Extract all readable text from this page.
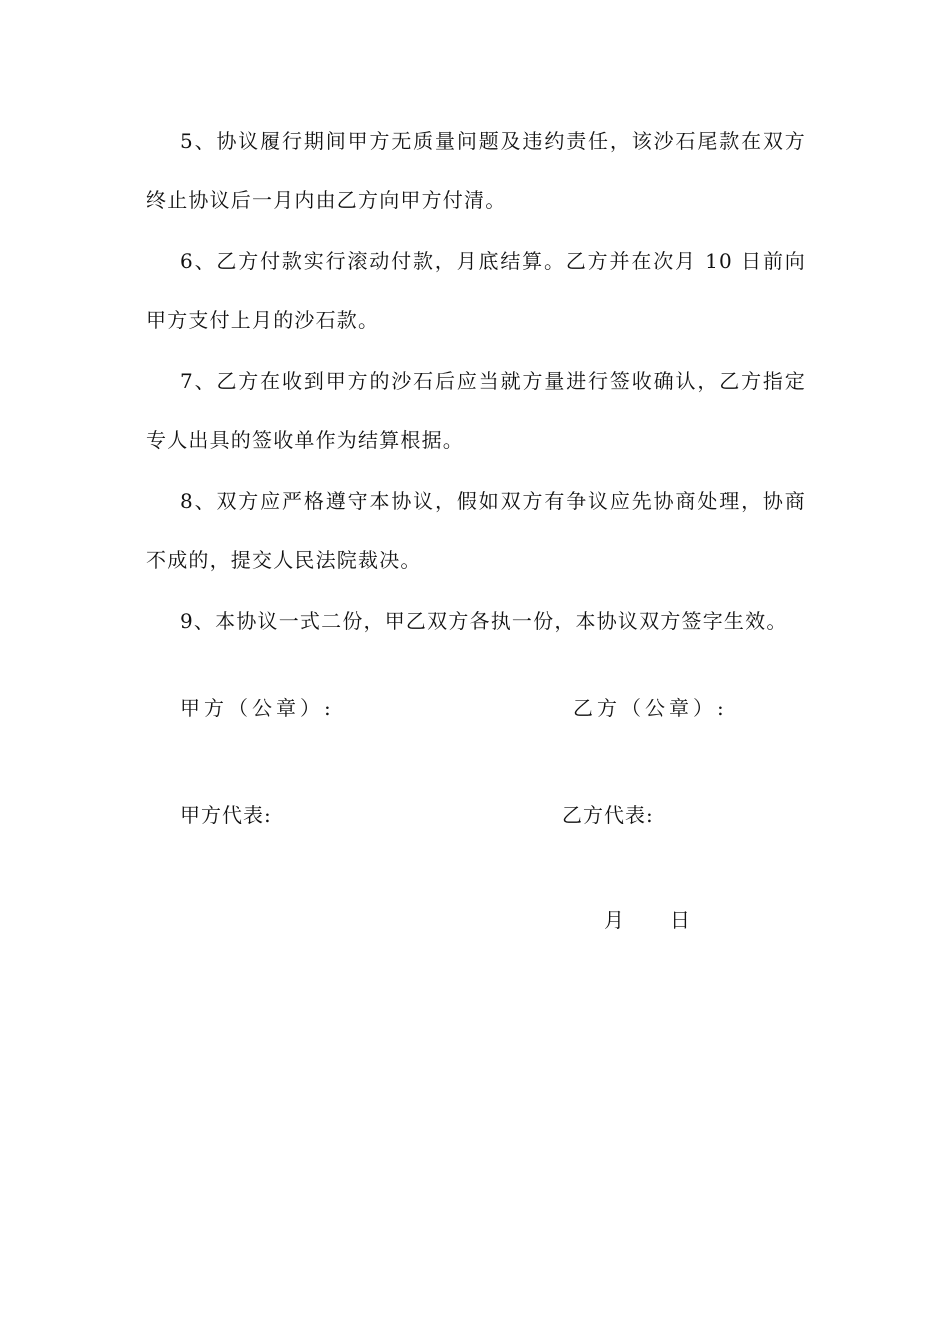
5、协议履行期间甲方无质量问题及违约责任，该沙石尾款在双方终止协议后一月内由乙方向甲方付清。

6、乙方付款实行滚动付款，月底结算。乙方并在次月 10 日前向甲方支付上月的沙石款。

7、乙方在收到甲方的沙石后应当就方量进行签收确认，乙方指定专人出具的签收单作为结算根据。

8、双方应严格遵守本协议，假如双方有争议应先协商处理，协商不成的，提交人民法院裁决。

9、本协议一式二份，甲乙双方各执一份，本协议双方签字生效。

甲方（公章）:	乙方（公章）:
甲方代表:	乙方代表:
月 日
